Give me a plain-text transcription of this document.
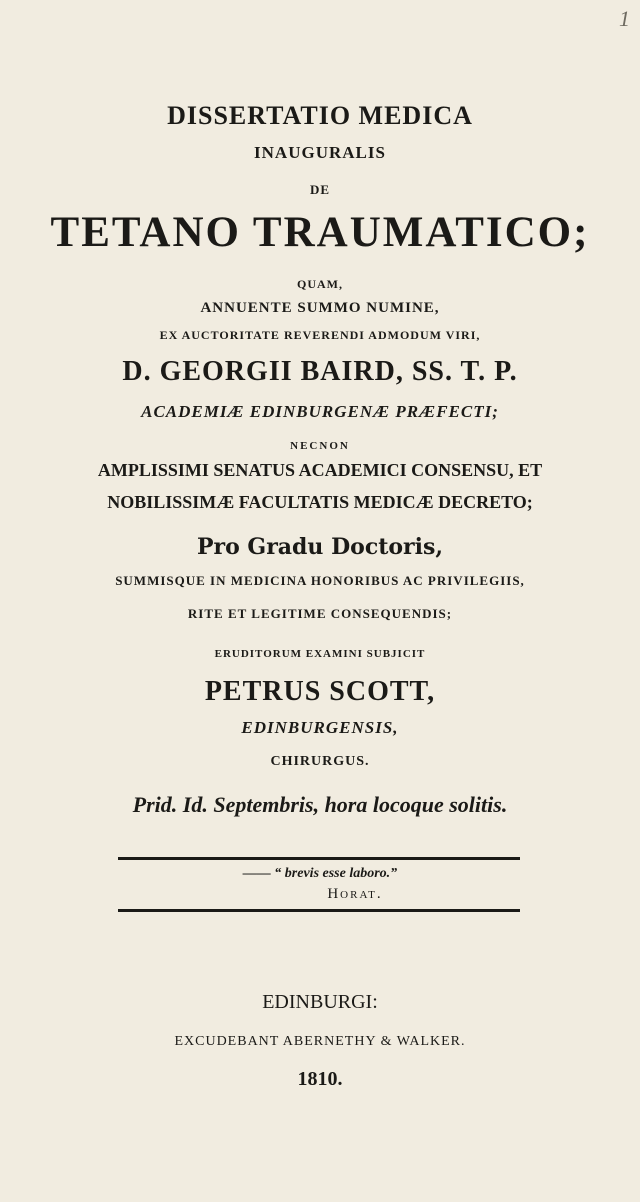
1
DISSERTATIO MEDICA
INAUGURALIS
DE
TETANO TRAUMATICO;
QUAM,
ANNUENTE SUMMO NUMINE,
EX AUCTORITATE REVERENDI ADMODUM VIRI,
D. GEORGII BAIRD, SS. T. P.
ACADEMIÆ EDINBURGENÆ PRÆFECTI;
NECNON
AMPLISSIMI SENATUS ACADEMICI CONSENSU, ET
NOBILISSIMÆ FACULTATIS MEDICÆ DECRETO;
Pro Gradu Doctoris,
SUMMISQUE IN MEDICINA HONORIBUS AC PRIVILEGIIS,
RITE ET LEGITIME CONSEQUENDIS;
ERUDITORUM EXAMINI SUBJICIT
PETRUS SCOTT,
EDINBURGENSIS,
CHIRURGUS.
Prid. Id. Septembris, hora locoque solitis.
—— “ brevis esse laboro.”
Horat.
EDINBURGI:
EXCUDEBANT ABERNETHY & WALKER.
1810.
